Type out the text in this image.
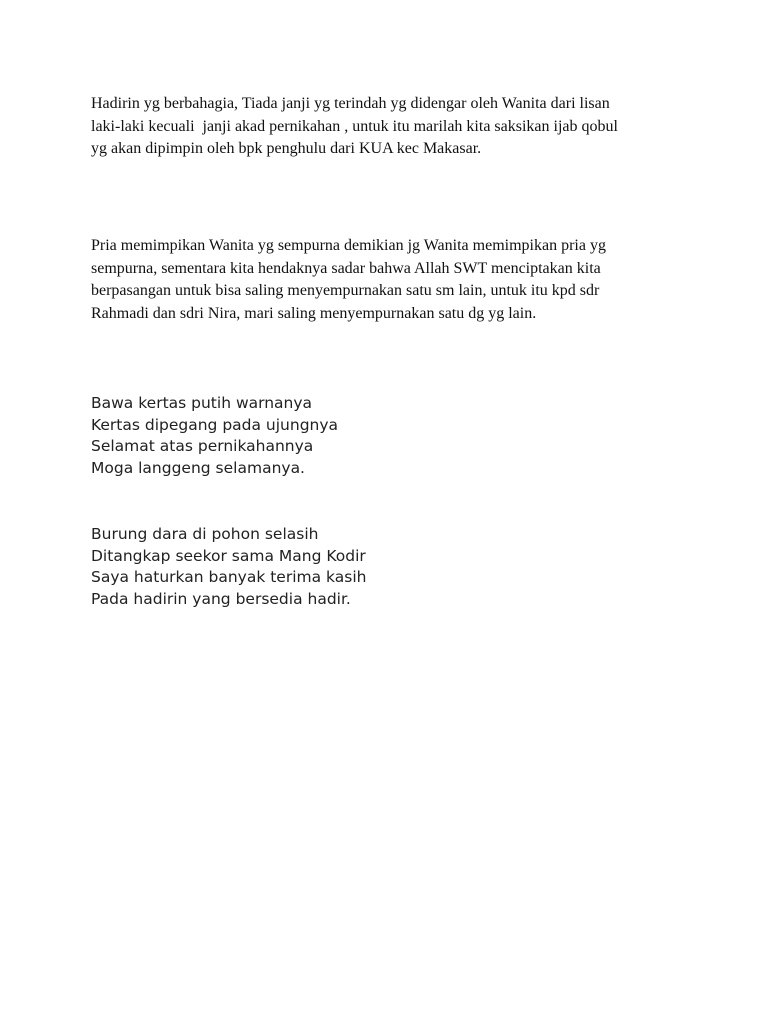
Hadirin yg berbahagia, Tiada janji yg terindah yg didengar oleh Wanita dari lisan
laki-laki kecuali  janji akad pernikahan , untuk itu marilah kita saksikan ijab qobul
yg akan dipimpin oleh bpk penghulu dari KUA kec Makasar.

Pria memimpikan Wanita yg sempurna demikian jg Wanita memimpikan pria yg
sempurna, sementara kita hendaknya sadar bahwa Allah SWT menciptakan kita
berpasangan untuk bisa saling menyempurnakan satu sm lain, untuk itu kpd sdr
Rahmadi dan sdri Nira, mari saling menyempurnakan satu dg yg lain.

Bawa kertas putih warnanya
Kertas dipegang pada ujungnya
Selamat atas pernikahannya
Moga langgeng selamanya.
Burung dara di pohon selasih
Ditangkap seekor sama Mang Kodir
Saya haturkan banyak terima kasih
Pada hadirin yang bersedia hadir.
